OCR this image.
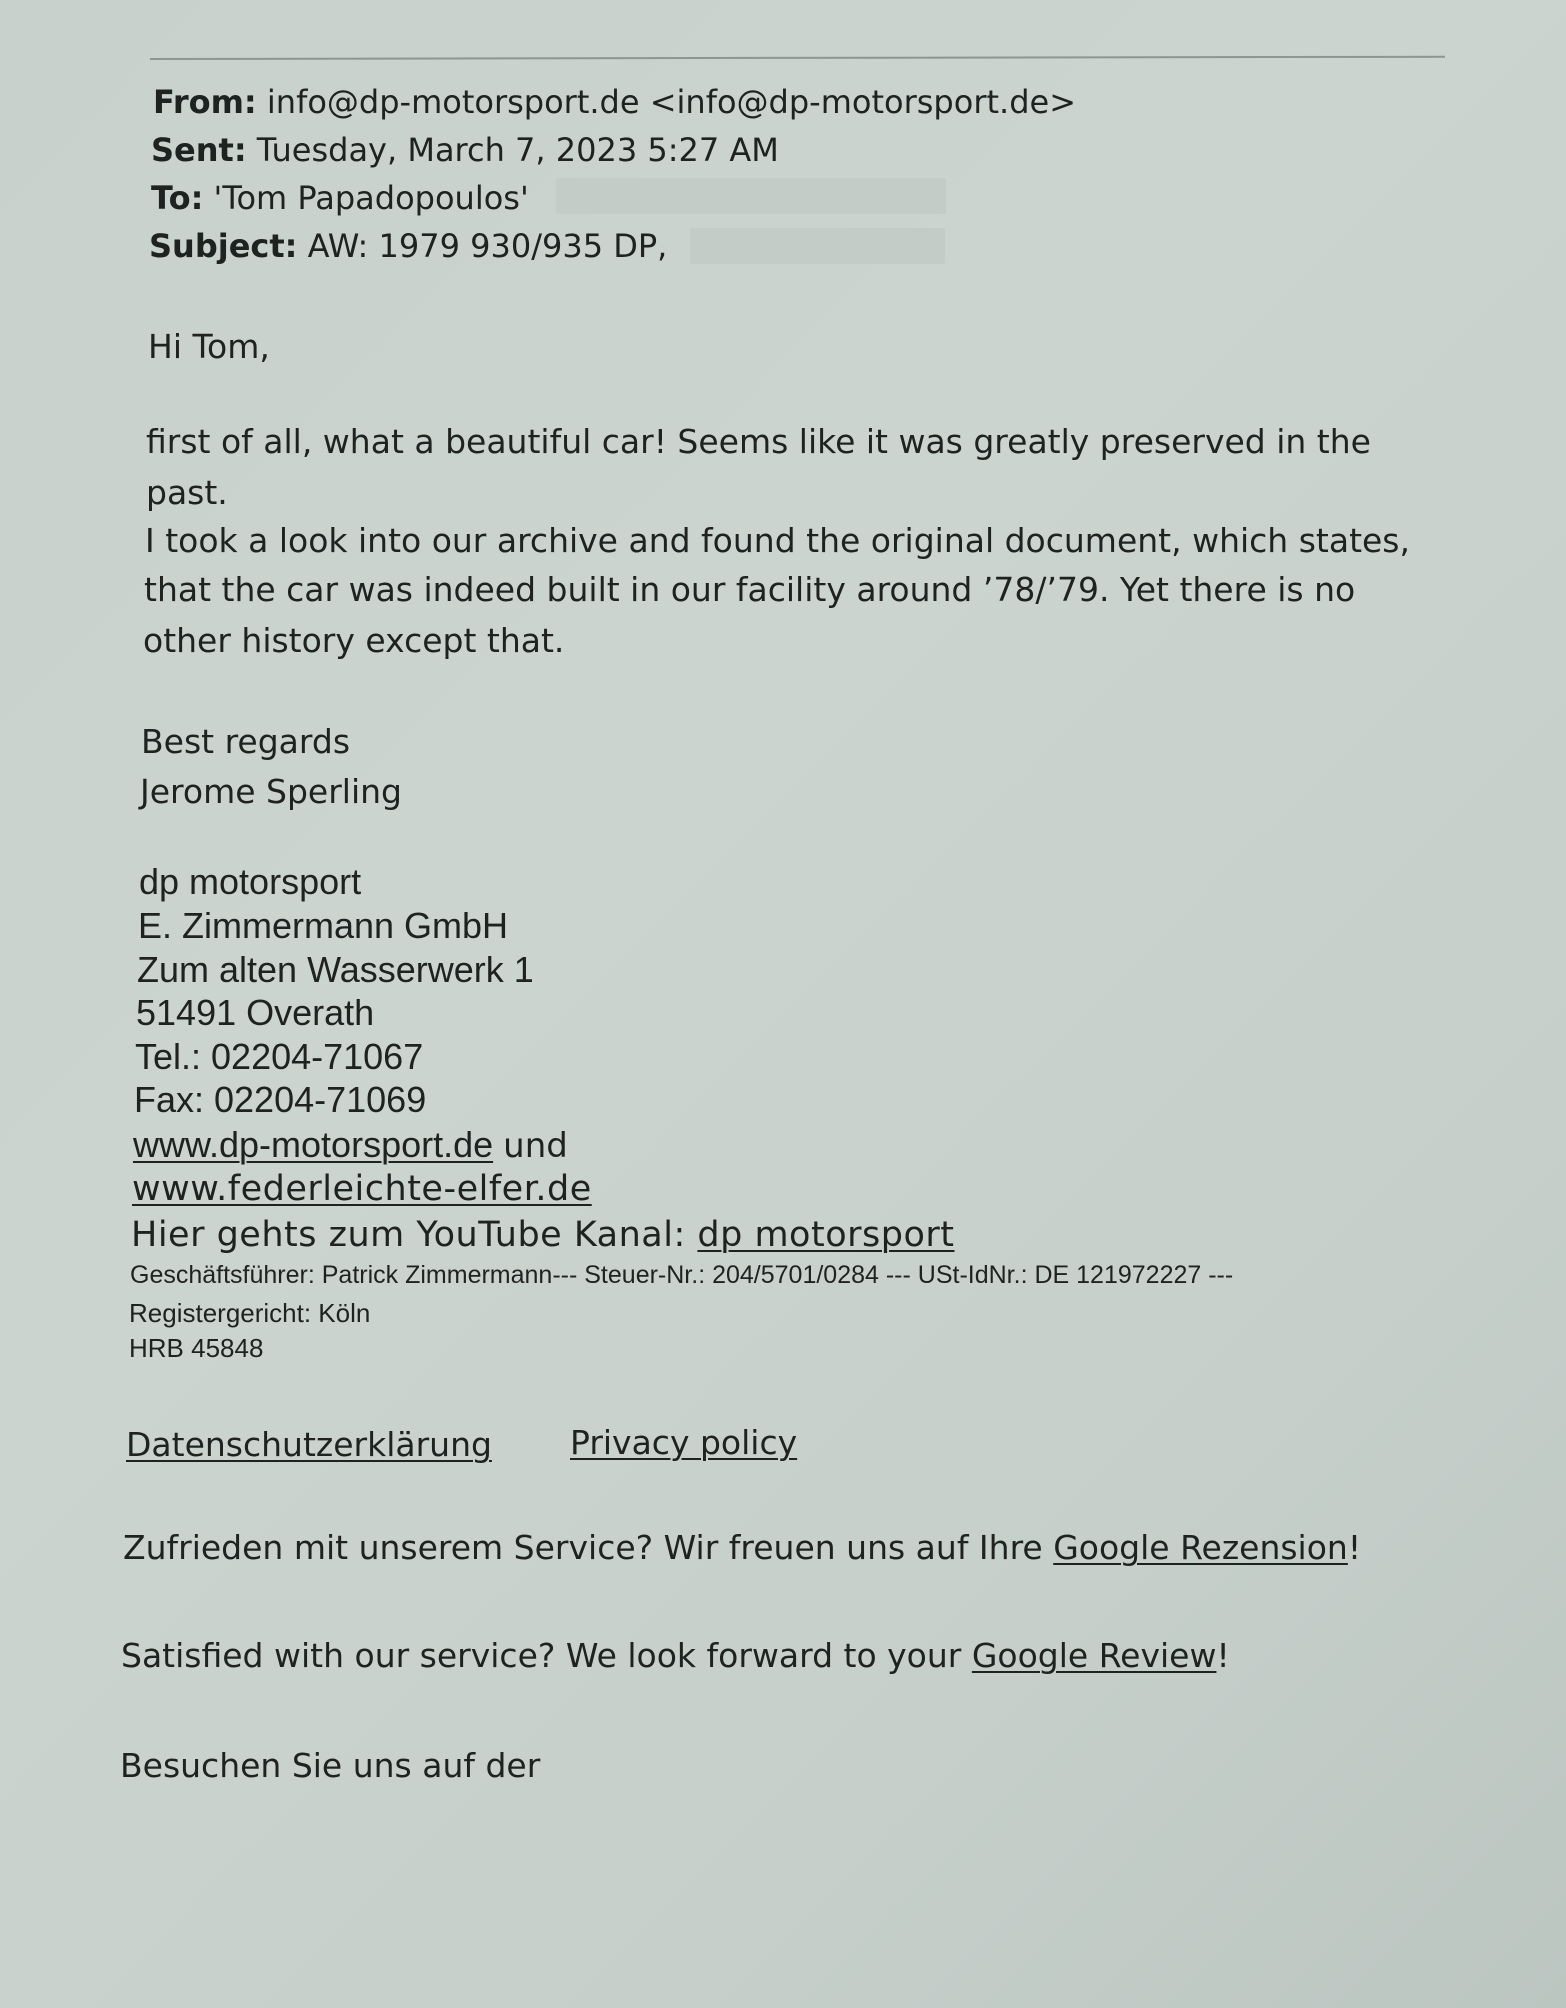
From: info@dp-motorsport.de <info@dp-motorsport.de>
Sent: Tuesday, March 7, 2023 5:27 AM
To: 'Tom Papadopoulos'
Subject: AW: 1979 930/935 DP,
Hi Tom,
first of all, what a beautiful car! Seems like it was greatly preserved in the
past.
I took a look into our archive and found the original document, which states,
that the car was indeed built in our facility around ’78/’79. Yet there is no
other history except that.
Best regards
Jerome Sperling
dp motorsport
E. Zimmermann GmbH
Zum alten Wasserwerk 1
51491 Overath
Tel.: 02204-71067
Fax: 02204-71069
www.dp-motorsport.de und
www.federleichte-elfer.de
Hier gehts zum YouTube Kanal: dp motorsport
Geschäftsführer: Patrick Zimmermann--- Steuer-Nr.: 204/5701/0284 --- USt-IdNr.: DE 121972227 ---
Registergericht: Köln
HRB 45848
Datenschutzerklärung Privacy policy
Zufrieden mit unserem Service? Wir freuen uns auf Ihre Google Rezension!
Satisfied with our service? We look forward to your Google Review!
Besuchen Sie uns auf der
